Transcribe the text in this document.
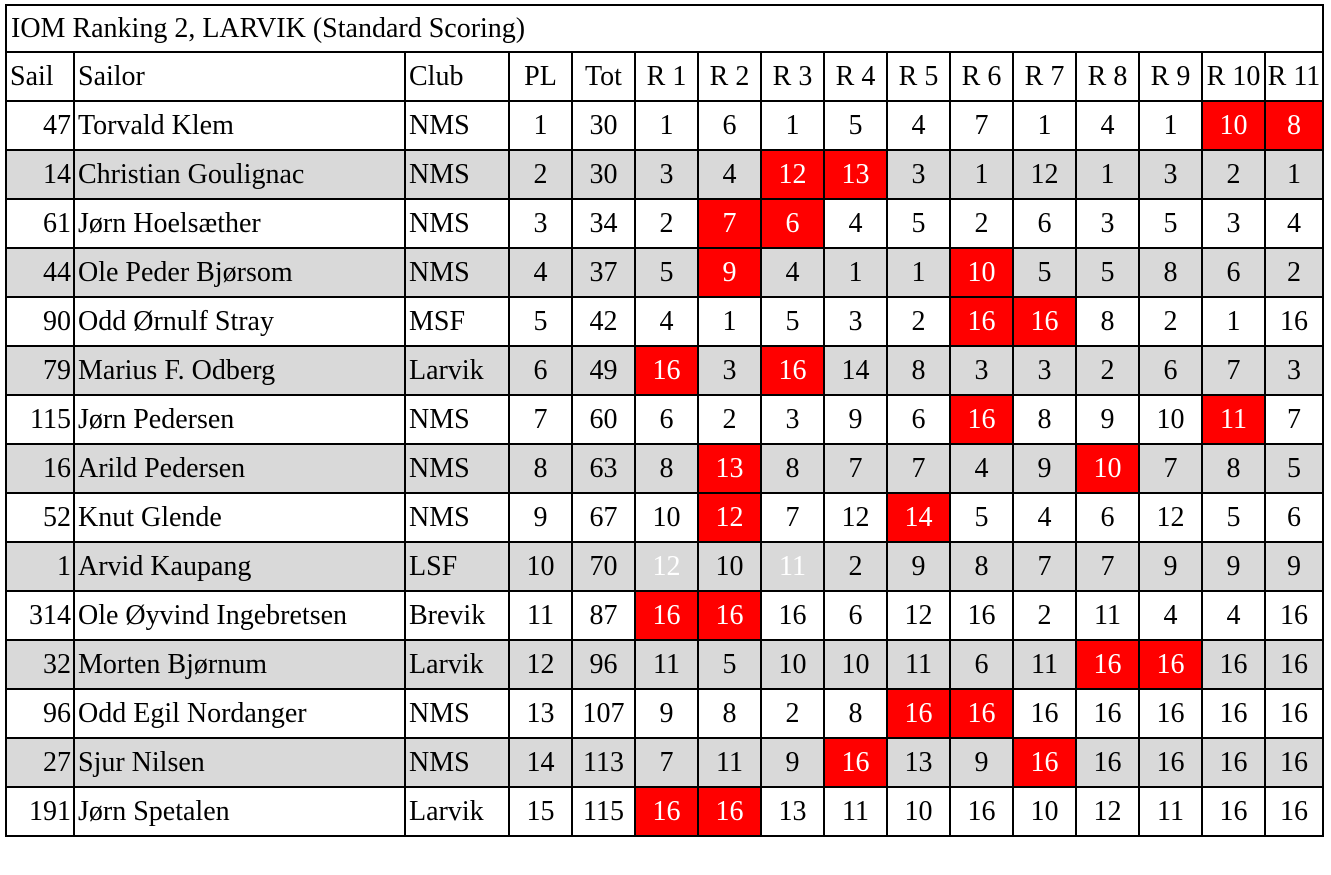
IOM Ranking 2, LARVIK (Standard Scoring)															
Sail	Sailor	Club	PL	Tot	R 1	R 2	R 3	R 4	R 5	R 6	R 7	R 8	R 9	R 10	R 11
47	Torvald Klem	NMS	1	30	1	6	1	5	4	7	1	4	1	10	8
14	Christian Goulignac	NMS	2	30	3	4	12	13	3	1	12	1	3	2	1
61	Jørn Hoelsæther	NMS	3	34	2	7	6	4	5	2	6	3	5	3	4
44	Ole Peder Bjørsom	NMS	4	37	5	9	4	1	1	10	5	5	8	6	2
90	Odd Ørnulf Stray	MSF	5	42	4	1	5	3	2	16	16	8	2	1	16
79	Marius F. Odberg	Larvik	6	49	16	3	16	14	8	3	3	2	6	7	3
115	Jørn Pedersen	NMS	7	60	6	2	3	9	6	16	8	9	10	11	7
16	Arild Pedersen	NMS	8	63	8	13	8	7	7	4	9	10	7	8	5
52	Knut Glende	NMS	9	67	10	12	7	12	14	5	4	6	12	5	6
1	Arvid Kaupang	LSF	10	70	12	10	11	2	9	8	7	7	9	9	9
314	Ole Øyvind Ingebretsen	Brevik	11	87	16	16	16	6	12	16	2	11	4	4	16
32	Morten Bjørnum	Larvik	12	96	11	5	10	10	11	6	11	16	16	16	16
96	Odd Egil Nordanger	NMS	13	107	9	8	2	8	16	16	16	16	16	16	16
27	Sjur Nilsen	NMS	14	113	7	11	9	16	13	9	16	16	16	16	16
191	Jørn Spetalen	Larvik	15	115	16	16	13	11	10	16	10	12	11	16	16
